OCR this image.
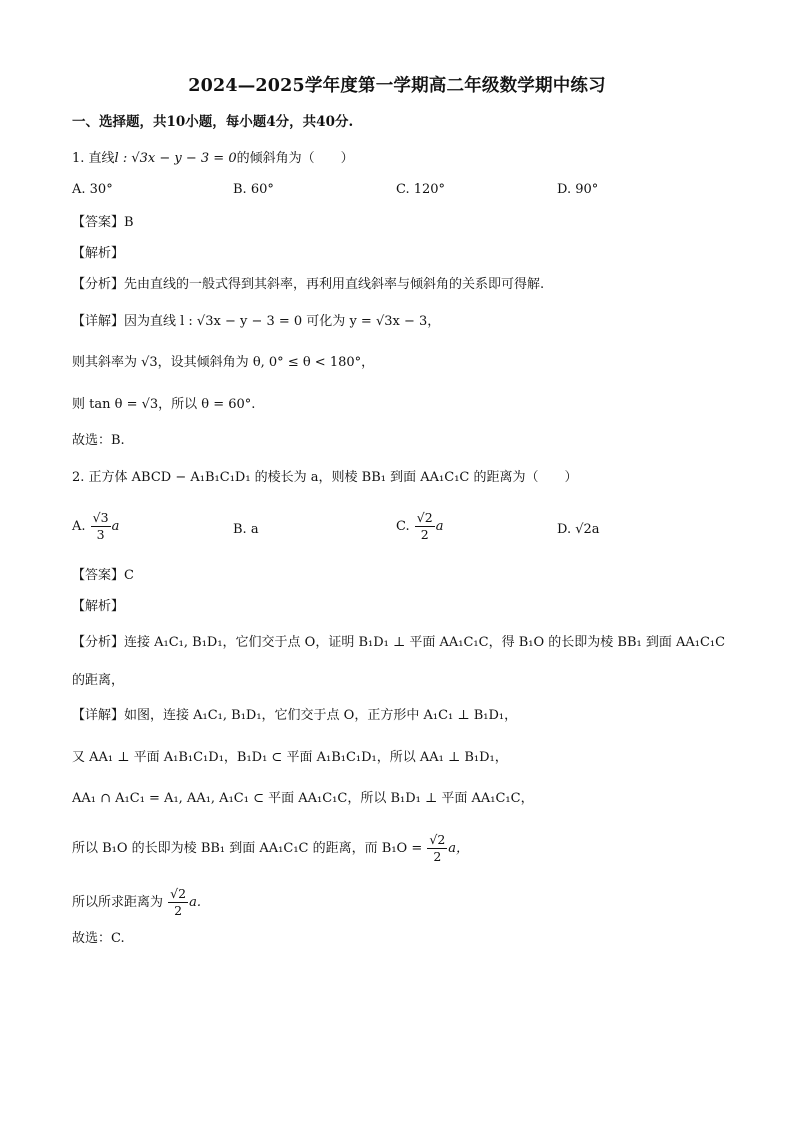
2024—2025学年度第一学期高二年级数学期中练习
一、选择题，共10小题，每小题4分，共40分.
1. 直线l : √3x − y − 3 = 0的倾斜角为（　　）
A. 30°	B. 60°	C. 120°	D. 90°
【答案】B
【解析】
【分析】先由直线的一般式得到其斜率，再利用直线斜率与倾斜角的关系即可得解.
【详解】因为直线 l : √3x − y − 3 = 0 可化为 y = √3x − 3，
则其斜率为 √3，设其倾斜角为 θ, 0° ≤ θ < 180°，
则 tan θ = √3，所以 θ = 60°.
故选：B.
2. 正方体 ABCD − A₁B₁C₁D₁ 的棱长为 a，则棱 BB₁ 到面 AA₁C₁C 的距离为（　　）
A. $\frac{√3}{3}$ a	B. a	C. $\frac{√2}{2}$ a	D. √2a
【答案】C
【解析】
【分析】连接 A₁C₁, B₁D₁，它们交于点 O，证明 B₁D₁ ⊥ 平面 AA₁C₁C，得 B₁O 的长即为棱 BB₁ 到面 AA₁C₁C
的距离，
【详解】如图，连接 A₁C₁, B₁D₁，它们交于点 O，正方形中 A₁C₁ ⊥ B₁D₁，
又 AA₁ ⊥ 平面 A₁B₁C₁D₁，B₁D₁ ⊂ 平面 A₁B₁C₁D₁，所以 AA₁ ⊥ B₁D₁，
AA₁ ∩ A₁C₁ = A₁, AA₁, A₁C₁ ⊂ 平面 AA₁C₁C，所以 B₁D₁ ⊥ 平面 AA₁C₁C，
所以 B₁O 的长即为棱 BB₁ 到面 AA₁C₁C 的距离，而 $B_1O = \frac{√2}{2}$ a，
所以所求距离为 $\frac{√2}{2} a$.
故选：C.
